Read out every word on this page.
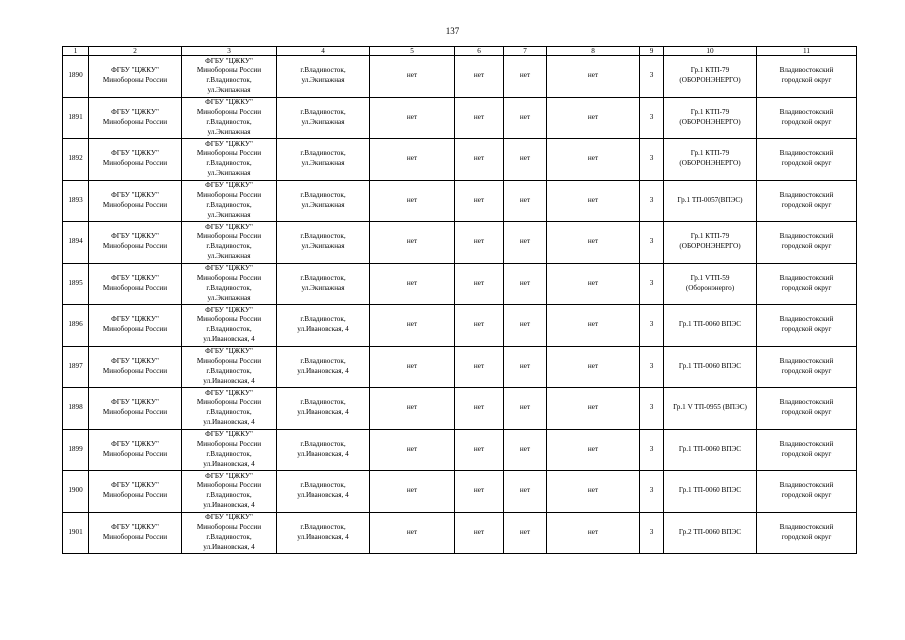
137
1	2	3	4	5	6	7	8	9	10	11

1890	ФГБУ "ЦЖКУ"
Минобороны России	ФГБУ "ЦЖКУ"
Минобороны России
г.Владивосток,
ул.Экипажная	г.Владивосток,
ул.Экипажная	нет	нет	нет	нет	3	Гр.1 КТП-79
(ОБОРОНЭНЕРГО)	Владивостокский
городской округ

1891	ФГБУ "ЦЖКУ"
Минобороны России	ФГБУ "ЦЖКУ"
Минобороны России
г.Владивосток,
ул.Экипажная	г.Владивосток,
ул.Экипажная	нет	нет	нет	нет	3	Гр.1 КТП-79
(ОБОРОНЭНЕРГО)	Владивостокский
городской округ

1892	ФГБУ "ЦЖКУ"
Минобороны России	ФГБУ "ЦЖКУ"
Минобороны России
г.Владивосток,
ул.Экипажная	г.Владивосток,
ул.Экипажная	нет	нет	нет	нет	3	Гр.1 КТП-79
(ОБОРОНЭНЕРГО)	Владивостокский
городской округ

1893	ФГБУ "ЦЖКУ"
Минобороны России	ФГБУ "ЦЖКУ"
Минобороны России
г.Владивосток,
ул.Экипажная	г.Владивосток,
ул.Экипажная	нет	нет	нет	нет	3	Гр.1 ТП-0057(ВПЭС)	Владивостокский
городской округ

1894	ФГБУ "ЦЖКУ"
Минобороны России	ФГБУ "ЦЖКУ"
Минобороны России
г.Владивосток,
ул.Экипажная	г.Владивосток,
ул.Экипажная	нет	нет	нет	нет	3	Гр.1 КТП-79
(ОБОРОНЭНЕРГО)	Владивостокский
городской округ

1895	ФГБУ "ЦЖКУ"
Минобороны России	ФГБУ "ЦЖКУ"
Минобороны России
г.Владивосток,
ул.Экипажная	г.Владивосток,
ул.Экипажная	нет	нет	нет	нет	3	Гр.1 VТП-59
(Оборонэнерго)	Владивостокский
городской округ

1896	ФГБУ "ЦЖКУ"
Минобороны России	ФГБУ "ЦЖКУ"
Минобороны России
г.Владивосток,
ул.Ивановская, 4	г.Владивосток,
ул.Ивановская, 4	нет	нет	нет	нет	3	Гр.1 ТП-0060 ВПЭС	Владивостокский
городской округ

1897	ФГБУ "ЦЖКУ"
Минобороны России	ФГБУ "ЦЖКУ"
Минобороны России
г.Владивосток,
ул.Ивановская, 4	г.Владивосток,
ул.Ивановская, 4	нет	нет	нет	нет	3	Гр.1 ТП-0060 ВПЭС	Владивостокский
городской округ

1898	ФГБУ "ЦЖКУ"
Минобороны России	ФГБУ "ЦЖКУ"
Минобороны России
г.Владивосток,
ул.Ивановская, 4	г.Владивосток,
ул.Ивановская, 4	нет	нет	нет	нет	3	Гр.1 V ТП-0955 (ВПЭС)	Владивостокский
городской округ

1899	ФГБУ "ЦЖКУ"
Минобороны России	ФГБУ "ЦЖКУ"
Минобороны России
г.Владивосток,
ул.Ивановская, 4	г.Владивосток,
ул.Ивановская, 4	нет	нет	нет	нет	3	Гр.1 ТП-0060 ВПЭС	Владивостокский
городской округ

1900	ФГБУ "ЦЖКУ"
Минобороны России	ФГБУ "ЦЖКУ"
Минобороны России
г.Владивосток,
ул.Ивановская, 4	г.Владивосток,
ул.Ивановская, 4	нет	нет	нет	нет	3	Гр.1 ТП-0060 ВПЭС	Владивостокский
городской округ

1901	ФГБУ "ЦЖКУ"
Минобороны России	ФГБУ "ЦЖКУ"
Минобороны России
г.Владивосток,
ул.Ивановская, 4	г.Владивосток,
ул.Ивановская, 4	нет	нет	нет	нет	3	Гр.2 ТП-0060 ВПЭС	Владивостокский
городской округ
